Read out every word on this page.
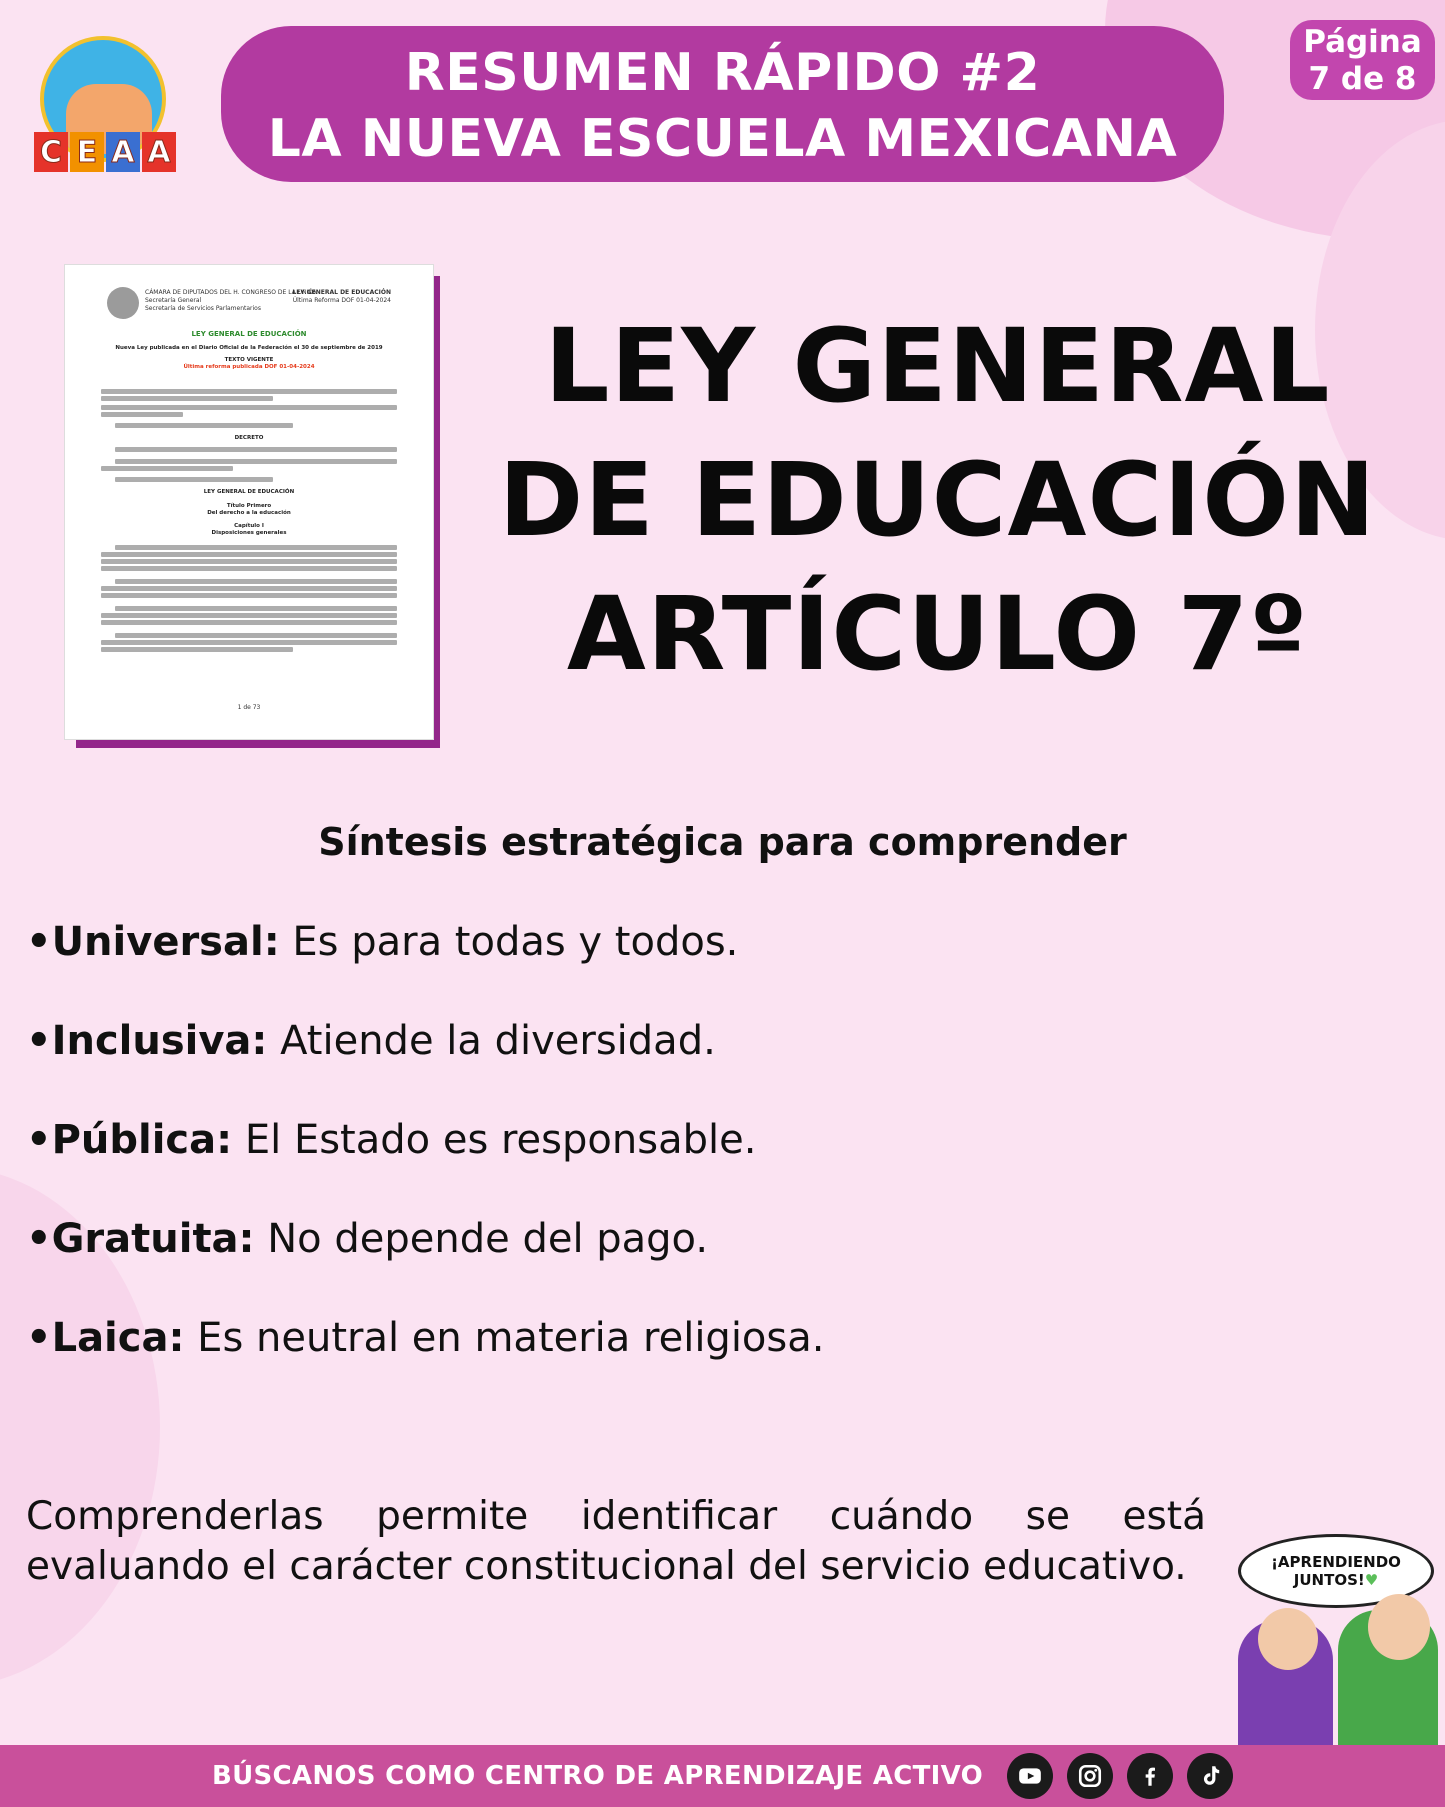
C E A A
RESUMEN RÁPIDO #2
LA NUEVA ESCUELA MEXICANA
Página
7 de 8
CÁMARA DE DIPUTADOS DEL H. CONGRESO DE LA UNIÓN
Secretaría General
Secretaría de Servicios Parlamentarios
LEY GENERAL DE EDUCACIÓN
Última Reforma DOF 01-04-2024
LEY GENERAL DE EDUCACIÓN
Nueva Ley publicada en el Diario Oficial de la Federación el 30 de septiembre de 2019
TEXTO VIGENTE
Última reforma publicada DOF 01-04-2024
DECRETO
LEY GENERAL DE EDUCACIÓN
Título Primero
Del derecho a la educación
Capítulo I
Disposiciones generales
1 de 73
LEY GENERAL
DE EDUCACIÓN
ARTÍCULO 7º
Síntesis estratégica para comprender
•Universal: Es para todas y todos.
•Inclusiva: Atiende la diversidad.
•Pública: El Estado es responsable.
•Gratuita: No depende del pago.
•Laica: Es neutral en materia religiosa.
Comprenderlas permite identificar cuándo se está evaluando el carácter constitucional del servicio educativo.	¡APRENDIENDO
JUNTOS!♥
BÚSCANOS COMO CENTRO DE APRENDIZAJE ACTIVO
